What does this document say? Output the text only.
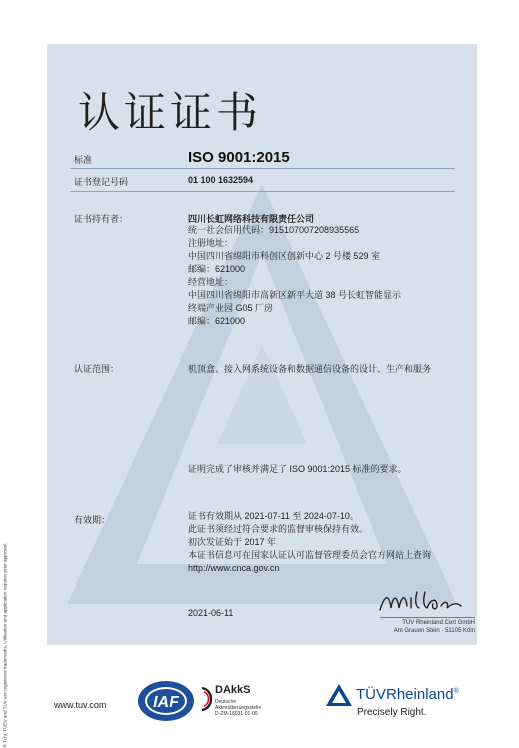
认证证书
标准	ISO 9001:2015
证书登记号码	01 100 1632594
证书持有者：	四川长虹网络科技有限责任公司
统一社会信用代码：915107007208935565
注册地址：
中国四川省绵阳市科创区创新中心 2 号楼 529 室
邮编：621000
经营地址：
中国四川省绵阳市高新区新平大道 38 号长虹智能显示
终端产业园 G05 厂房
邮编：621000
认证范围：	机顶盒、接入网系统设备和数据通信设备的设计、生产和服务
证明完成了审核并满足了 ISO 9001:2015 标准的要求。
有效期：	证书有效期从 2021-07-11 至 2024-07-10。
此证书须经过符合要求的监督审核保持有效。
初次发证始于 2017 年
本证书信息可在国家认证认可监督管理委员会官方网站上查询
http://www.cnca.gov.cn
2021-06-11
TÜV Rheinland Cert GmbH
Am Grauen Stein · 51105 Köln
® TÜV, TUEV and TUV are registered trademarks. Utilisation and application requires prior approval.	www.tuv.com	IAF
INTERNATIONAL ACCREDITATION FORUM
DAkkS
Deutsche
Akkreditierungsstelle
D-ZM-16031-01-00
TÜVRheinland®
Precisely Right.
